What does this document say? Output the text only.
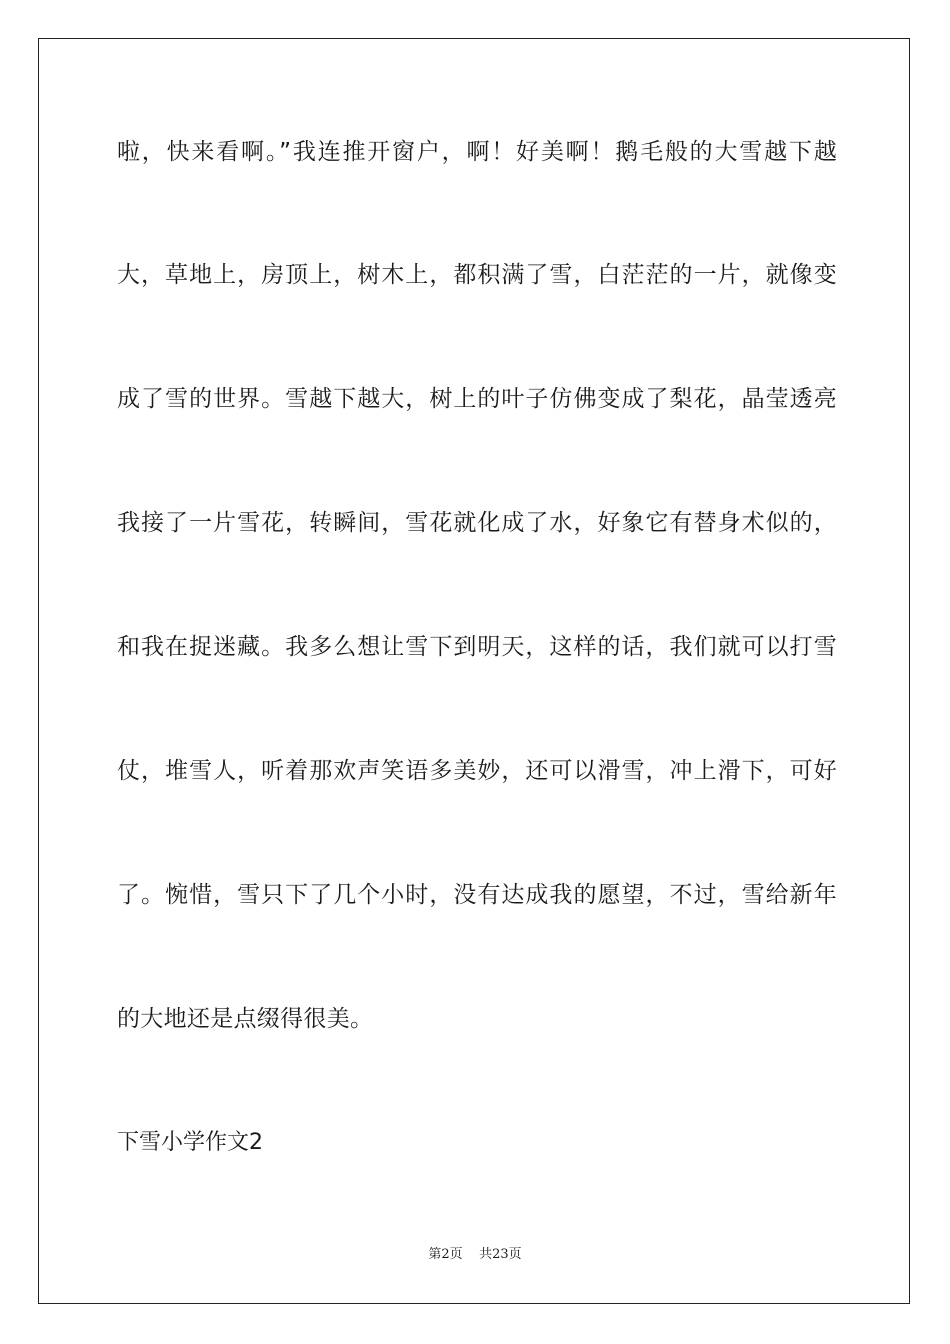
啦，快来看啊。”我连推开窗户，啊！好美啊！鹅毛般的大雪越下越
大，草地上，房顶上，树木上，都积满了雪，白茫茫的一片，就像变
成了雪的世界。雪越下越大，树上的叶子仿佛变成了梨花，晶莹透亮
我接了一片雪花，转瞬间，雪花就化成了水，好象它有替身术似的，
和我在捉迷藏。我多么想让雪下到明天，这样的话，我们就可以打雪
仗，堆雪人，听着那欢声笑语多美妙，还可以滑雪，冲上滑下，可好
了。惋惜，雪只下了几个小时，没有达成我的愿望，不过，雪给新年
的大地还是点缀得很美。
下雪小学作文2
第2页 共23页
